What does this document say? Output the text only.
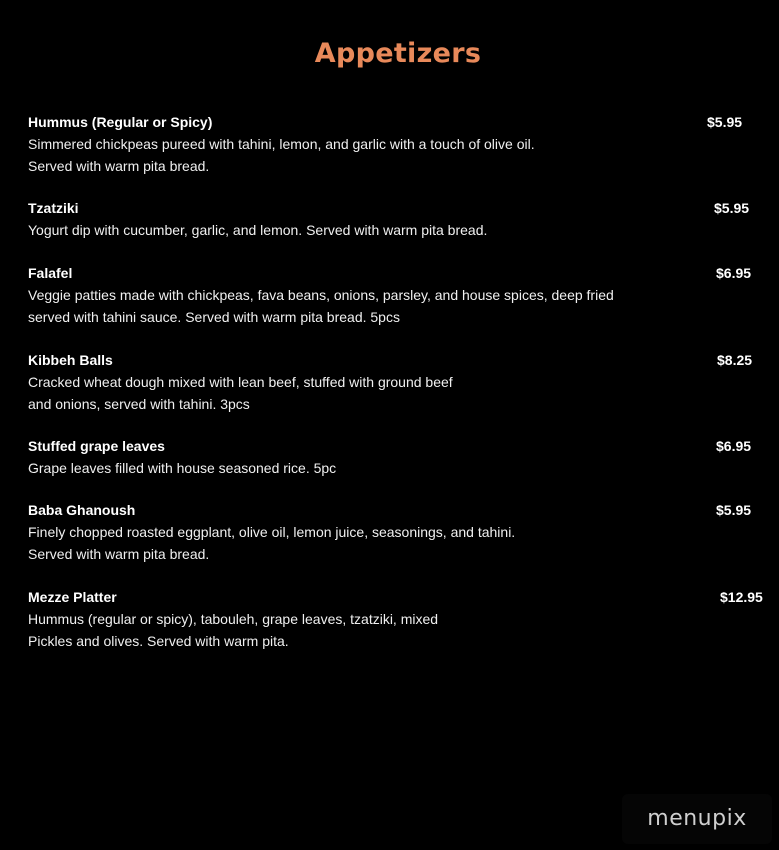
Appetizers
Hummus (Regular or Spicy)	$5.95
Simmered chickpeas pureed with tahini, lemon, and garlic with a touch of olive oil.
Served with warm pita bread.
Tzatziki	$5.95
Yogurt dip with cucumber, garlic, and lemon. Served with warm pita bread.
Falafel	$6.95
Veggie patties made with chickpeas, fava beans, onions, parsley, and house spices, deep fried
served with tahini sauce. Served with warm pita bread. 5pcs
Kibbeh Balls	$8.25
Cracked wheat dough mixed with lean beef, stuffed with ground beef
and onions, served with tahini. 3pcs
Stuffed grape leaves	$6.95
Grape leaves filled with house seasoned rice. 5pc
Baba Ghanoush	$5.95
Finely chopped roasted eggplant, olive oil, lemon juice, seasonings, and tahini.
Served with warm pita bread.
Mezze Platter	$12.95
Hummus (regular or spicy), tabouleh, grape leaves, tzatziki, mixed
Pickles and olives. Served with warm pita.
menupix
